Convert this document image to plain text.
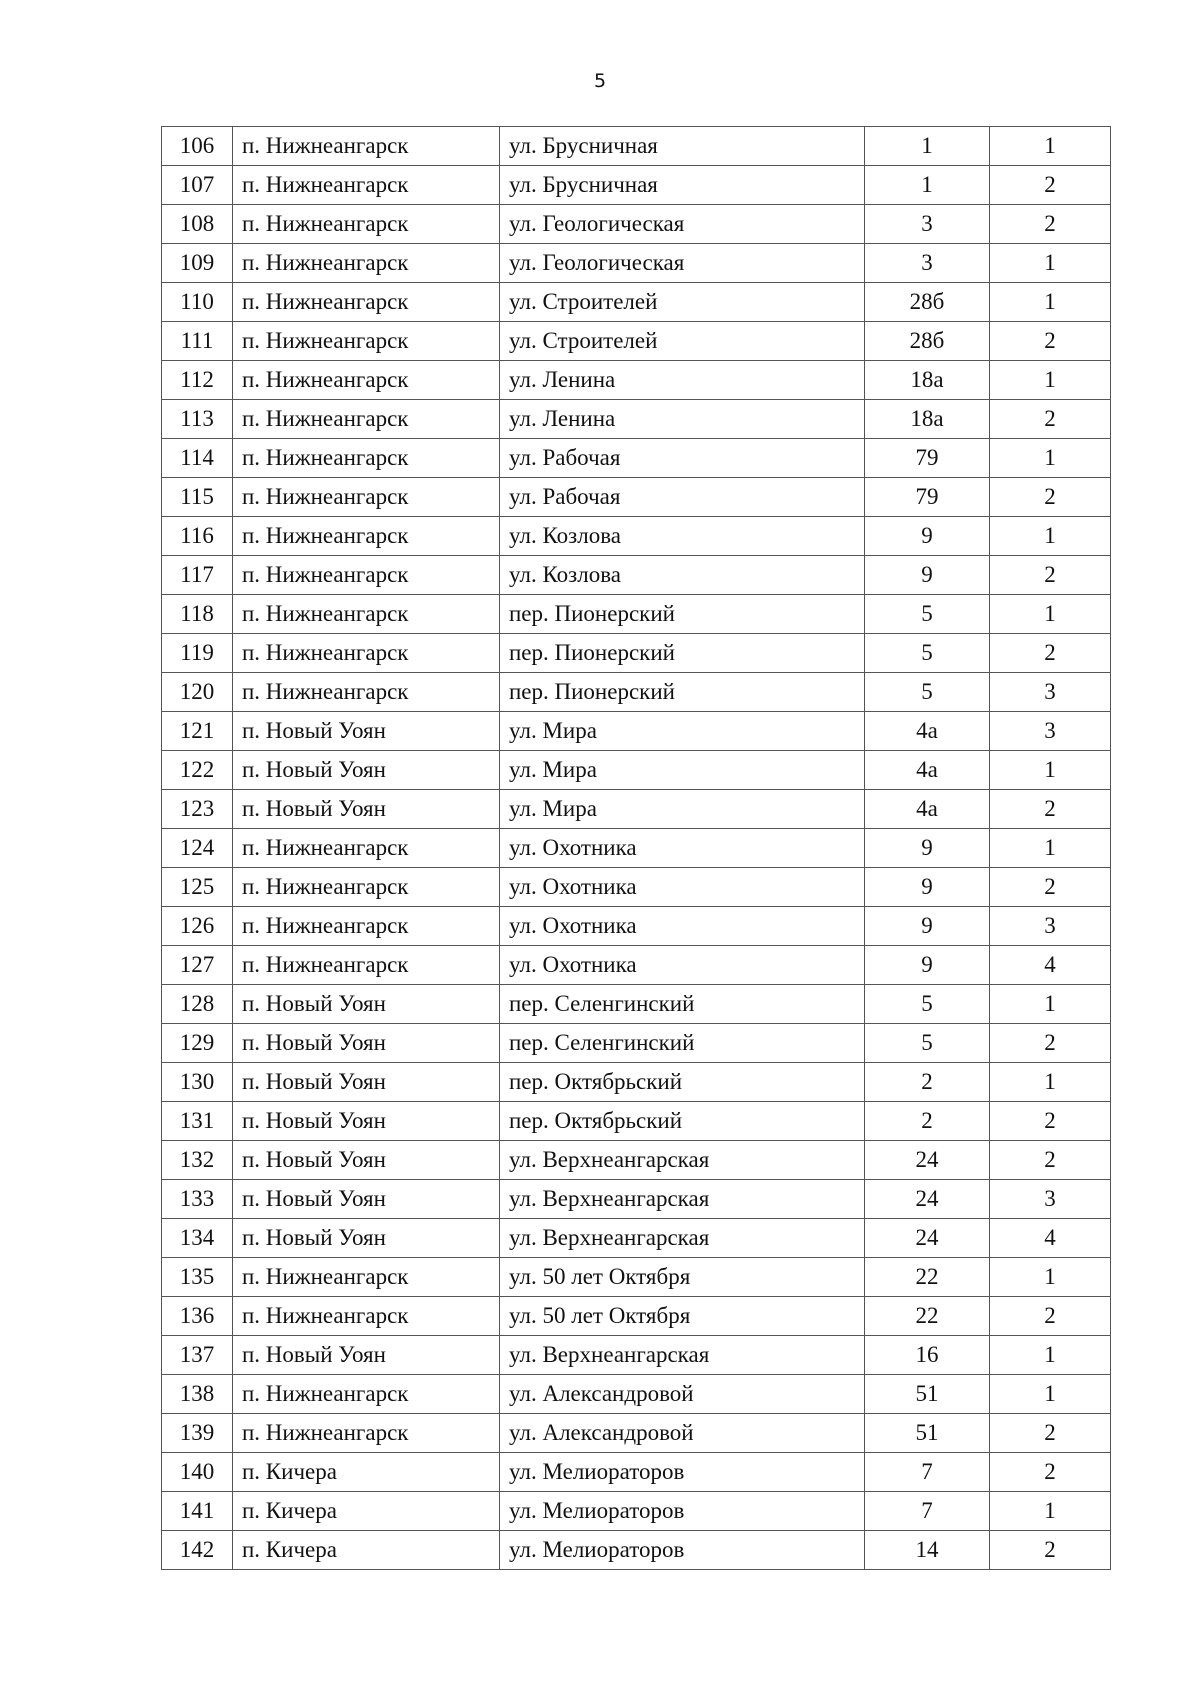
5
106	п. Нижнеангарск	ул. Брусничная	1	1
107	п. Нижнеангарск	ул. Брусничная	1	2
108	п. Нижнеангарск	ул. Геологическая	3	2
109	п. Нижнеангарск	ул. Геологическая	3	1
110	п. Нижнеангарск	ул. Строителей	28б	1
111	п. Нижнеангарск	ул. Строителей	28б	2
112	п. Нижнеангарск	ул. Ленина	18а	1
113	п. Нижнеангарск	ул. Ленина	18а	2
114	п. Нижнеангарск	ул. Рабочая	79	1
115	п. Нижнеангарск	ул. Рабочая	79	2
116	п. Нижнеангарск	ул. Козлова	9	1
117	п. Нижнеангарск	ул. Козлова	9	2
118	п. Нижнеангарск	пер. Пионерский	5	1
119	п. Нижнеангарск	пер. Пионерский	5	2
120	п. Нижнеангарск	пер. Пионерский	5	3
121	п. Новый Уоян	ул. Мира	4а	3
122	п. Новый Уоян	ул. Мира	4а	1
123	п. Новый Уоян	ул. Мира	4а	2
124	п. Нижнеангарск	ул. Охотника	9	1
125	п. Нижнеангарск	ул. Охотника	9	2
126	п. Нижнеангарск	ул. Охотника	9	3
127	п. Нижнеангарск	ул. Охотника	9	4
128	п. Новый Уоян	пер. Селенгинский	5	1
129	п. Новый Уоян	пер. Селенгинский	5	2
130	п. Новый Уоян	пер. Октябрьский	2	1
131	п. Новый Уоян	пер. Октябрьский	2	2
132	п. Новый Уоян	ул. Верхнеангарская	24	2
133	п. Новый Уоян	ул. Верхнеангарская	24	3
134	п. Новый Уоян	ул. Верхнеангарская	24	4
135	п. Нижнеангарск	ул. 50 лет Октября	22	1
136	п. Нижнеангарск	ул. 50 лет Октября	22	2
137	п. Новый Уоян	ул. Верхнеангарская	16	1
138	п. Нижнеангарск	ул. Александровой	51	1
139	п. Нижнеангарск	ул. Александровой	51	2
140	п. Кичера	ул. Мелиораторов	7	2
141	п. Кичера	ул. Мелиораторов	7	1
142	п. Кичера	ул. Мелиораторов	14	2
